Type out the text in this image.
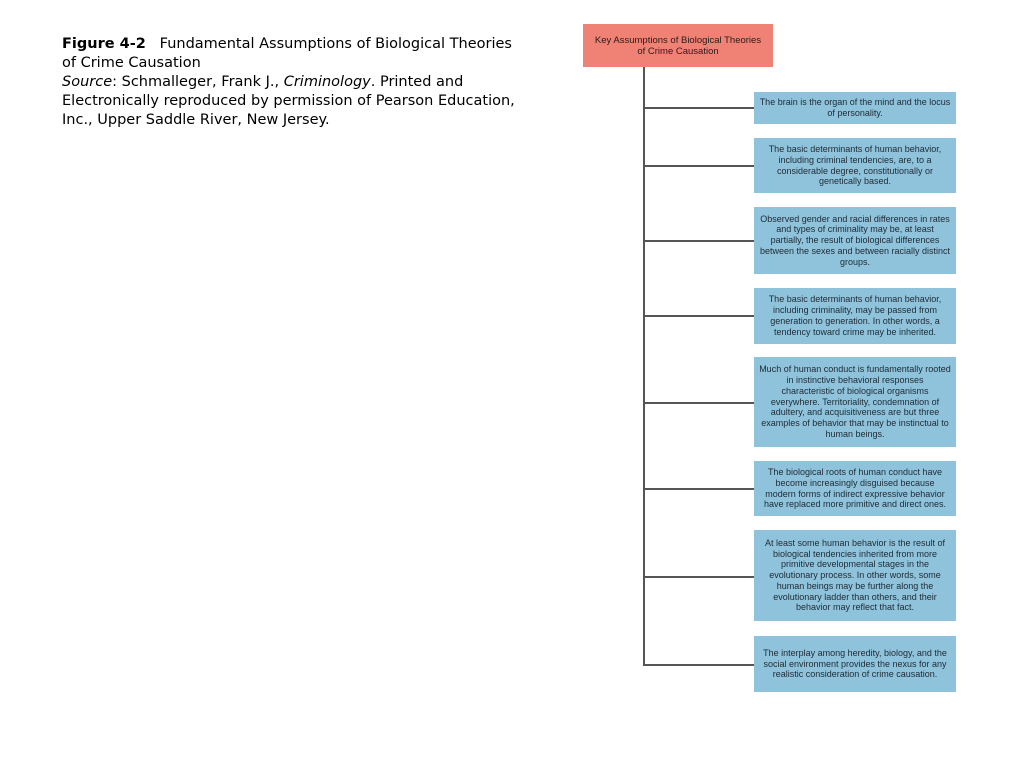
Figure 4-2 Fundamental Assumptions of Biological Theories of Crime Causation
Source: Schmalleger, Frank J., Criminology. Printed and Electronically reproduced by permission of Pearson Education, Inc., Upper Saddle River, New Jersey.
Key Assumptions of Biological Theories of Crime Causation
The brain is the organ of the mind and the locus of personality.
The basic determinants of human behavior, including criminal tendencies, are, to a considerable degree, constitutionally or genetically based.
Observed gender and racial differences in rates and types of criminality may be, at least partially, the result of biological differences between the sexes and between racially distinct groups.
The basic determinants of human behavior, including criminality, may be passed from generation to generation. In other words, a tendency toward crime may be inherited.
Much of human conduct is fundamentally rooted in instinctive behavioral responses characteristic of biological organisms everywhere. Territoriality, condemnation of adultery, and acquisitiveness are but three examples of behavior that may be instinctual to human beings.
The biological roots of human conduct have become increasingly disguised because modern forms of indirect expressive behavior have replaced more primitive and direct ones.
At least some human behavior is the result of biological tendencies inherited from more primitive developmental stages in the evolutionary process. In other words, some human beings may be further along the evolutionary ladder than others, and their behavior may reflect that fact.
The interplay among heredity, biology, and the social environment provides the nexus for any realistic consideration of crime causation.
